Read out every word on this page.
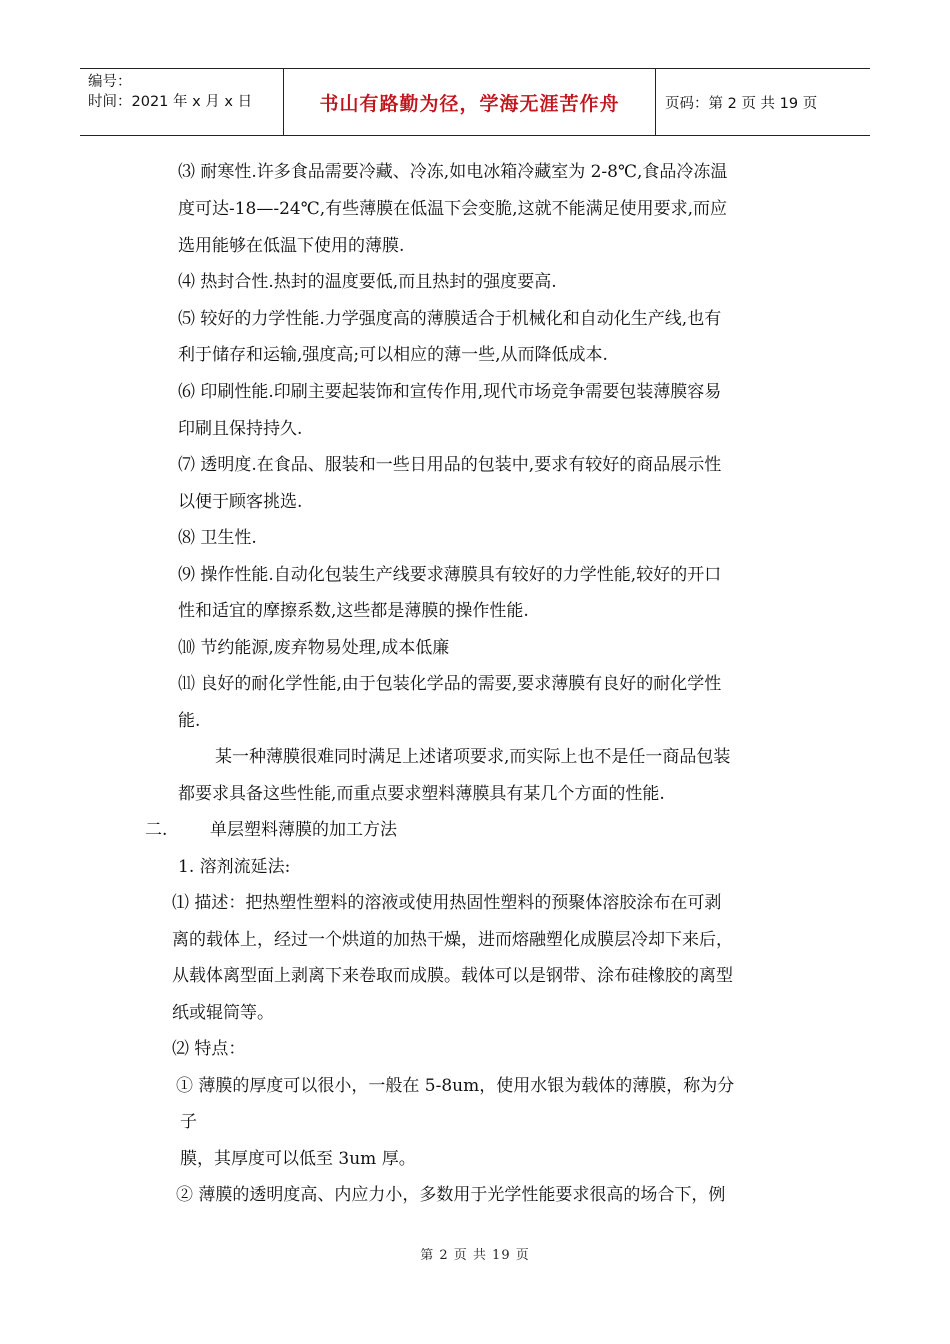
编号：
时间：2021 年 x 月 x 日	书山有路勤为径，学海无涯苦作舟	页码：第 2 页 共 19 页
⑶ 耐寒性.许多食品需要冷藏、冷冻,如电冰箱冷藏室为 2-8℃,食品冷冻温
度可达-18—-24℃,有些薄膜在低温下会变脆,这就不能满足使用要求,而应
选用能够在低温下使用的薄膜.
⑷ 热封合性.热封的温度要低,而且热封的强度要高.
⑸ 较好的力学性能.力学强度高的薄膜适合于机械化和自动化生产线,也有
利于储存和运输,强度高;可以相应的薄一些,从而降低成本.
⑹ 印刷性能.印刷主要起装饰和宣传作用,现代市场竞争需要包装薄膜容易
印刷且保持持久.
⑺ 透明度.在食品、服装和一些日用品的包装中,要求有较好的商品展示性
以便于顾客挑选.
⑻ 卫生性.
⑼ 操作性能.自动化包装生产线要求薄膜具有较好的力学性能,较好的开口
性和适宜的摩擦系数,这些都是薄膜的操作性能.
⑽ 节约能源,废弃物易处理,成本低廉
⑾ 良好的耐化学性能,由于包装化学品的需要,要求薄膜有良好的耐化学性
能.
某一种薄膜很难同时满足上述诸项要求,而实际上也不是任一商品包装
都要求具备这些性能,而重点要求塑料薄膜具有某几个方面的性能.
二.	单层塑料薄膜的加工方法
1. 溶剂流延法:
⑴ 描述：把热塑性塑料的溶液或使用热固性塑料的预聚体溶胶涂布在可剥
离的载体上，经过一个烘道的加热干燥，进而熔融塑化成膜层冷却下来后，
从载体离型面上剥离下来卷取而成膜。载体可以是钢带、涂布硅橡胶的离型
纸或辊筒等。
⑵ 特点：
① 薄膜的厚度可以很小，一般在 5-8um，使用水银为载体的薄膜，称为分
子
膜，其厚度可以低至 3um 厚。
② 薄膜的透明度高、内应力小，多数用于光学性能要求很高的场合下，例
第 2 页 共 19 页
